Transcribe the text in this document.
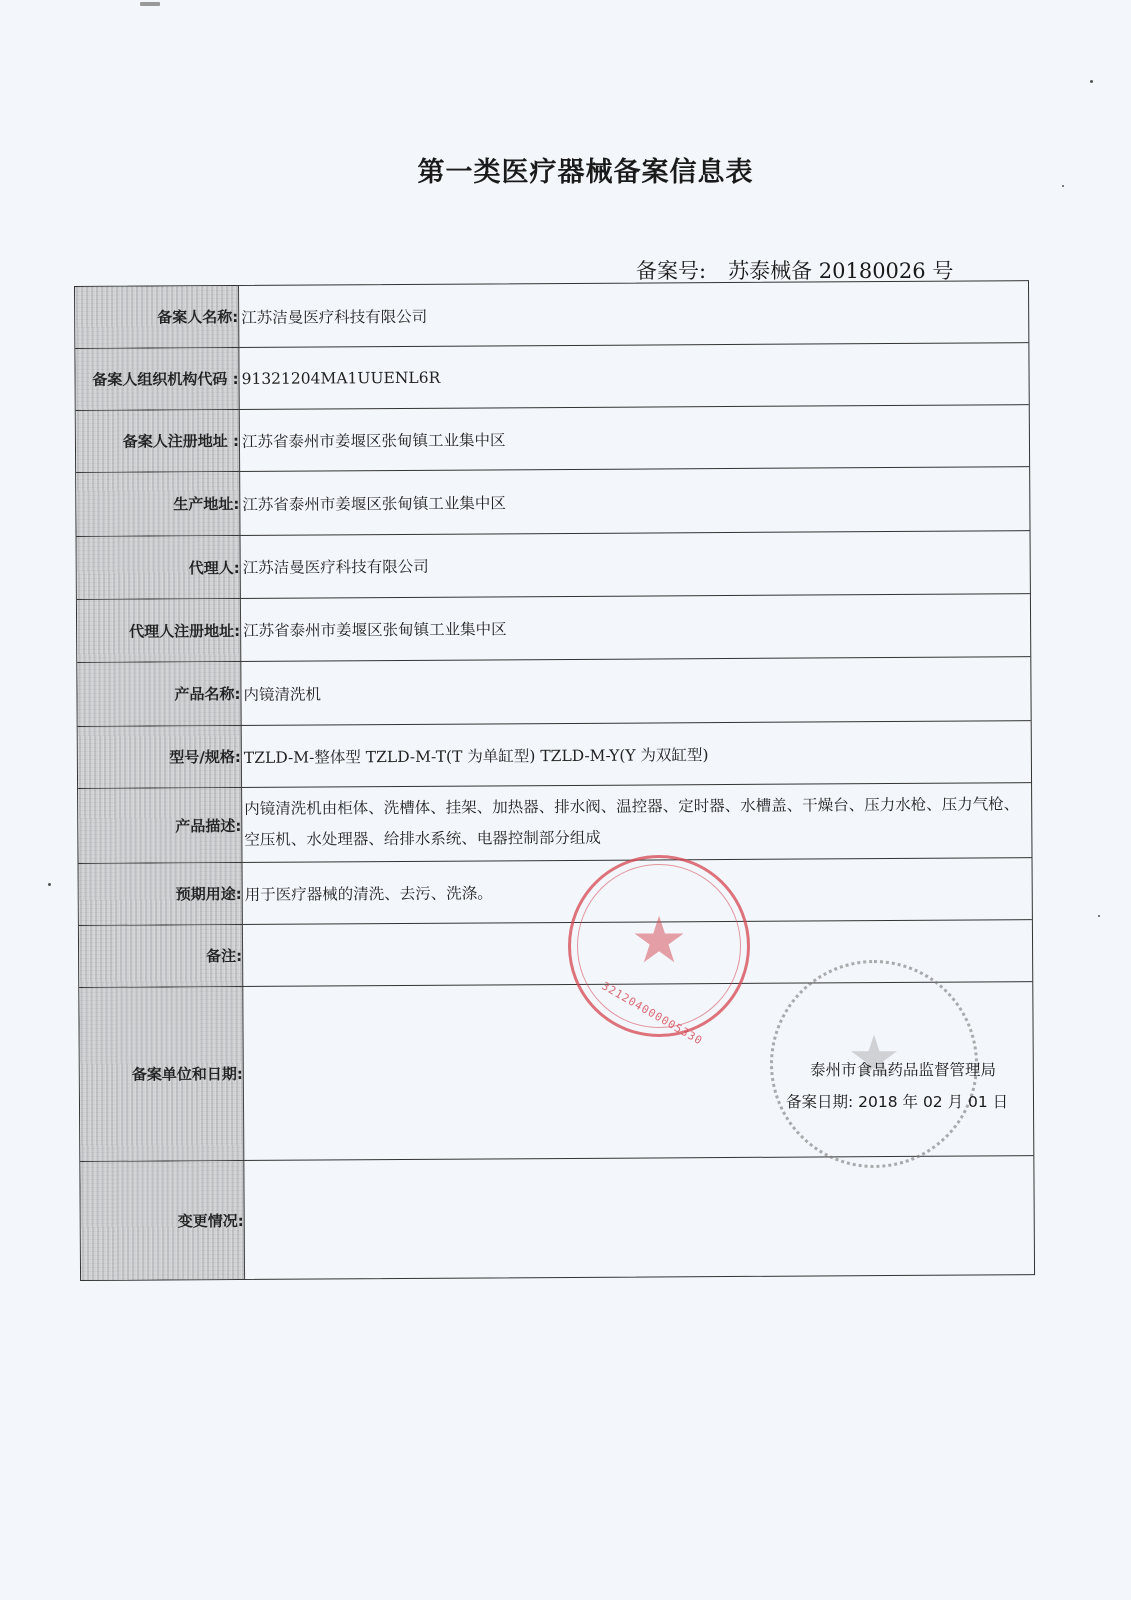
第一类医疗器械备案信息表
备案号: 苏泰械备 20180026 号
备案人名称: 江苏洁曼医疗科技有限公司
备案人组织机构代码 : 91321204MA1UUENL6R
备案人注册地址 : 江苏省泰州市姜堰区张甸镇工业集中区
生产地址: 江苏省泰州市姜堰区张甸镇工业集中区
代理人: 江苏洁曼医疗科技有限公司
代理人注册地址: 江苏省泰州市姜堰区张甸镇工业集中区
产品名称: 内镜清洗机
型号/规格: TZLD-M-整体型 TZLD-M-T(T 为单缸型) TZLD-M-Y(Y 为双缸型)
产品描述:
内镜清洗机由柜体、洗槽体、挂架、加热器、排水阀、温控器、定时器、水槽盖、干燥台、压力水枪、压力气枪、空压机、水处理器、给排水系统、电器控制部分组成
预期用途: 用于医疗器械的清洗、去污、洗涤。
备注:
备案单位和日期:
变更情况:
★
★
321204000005330
泰州市食品药品监督管理局
备案日期: 2018 年 02 月 01 日
